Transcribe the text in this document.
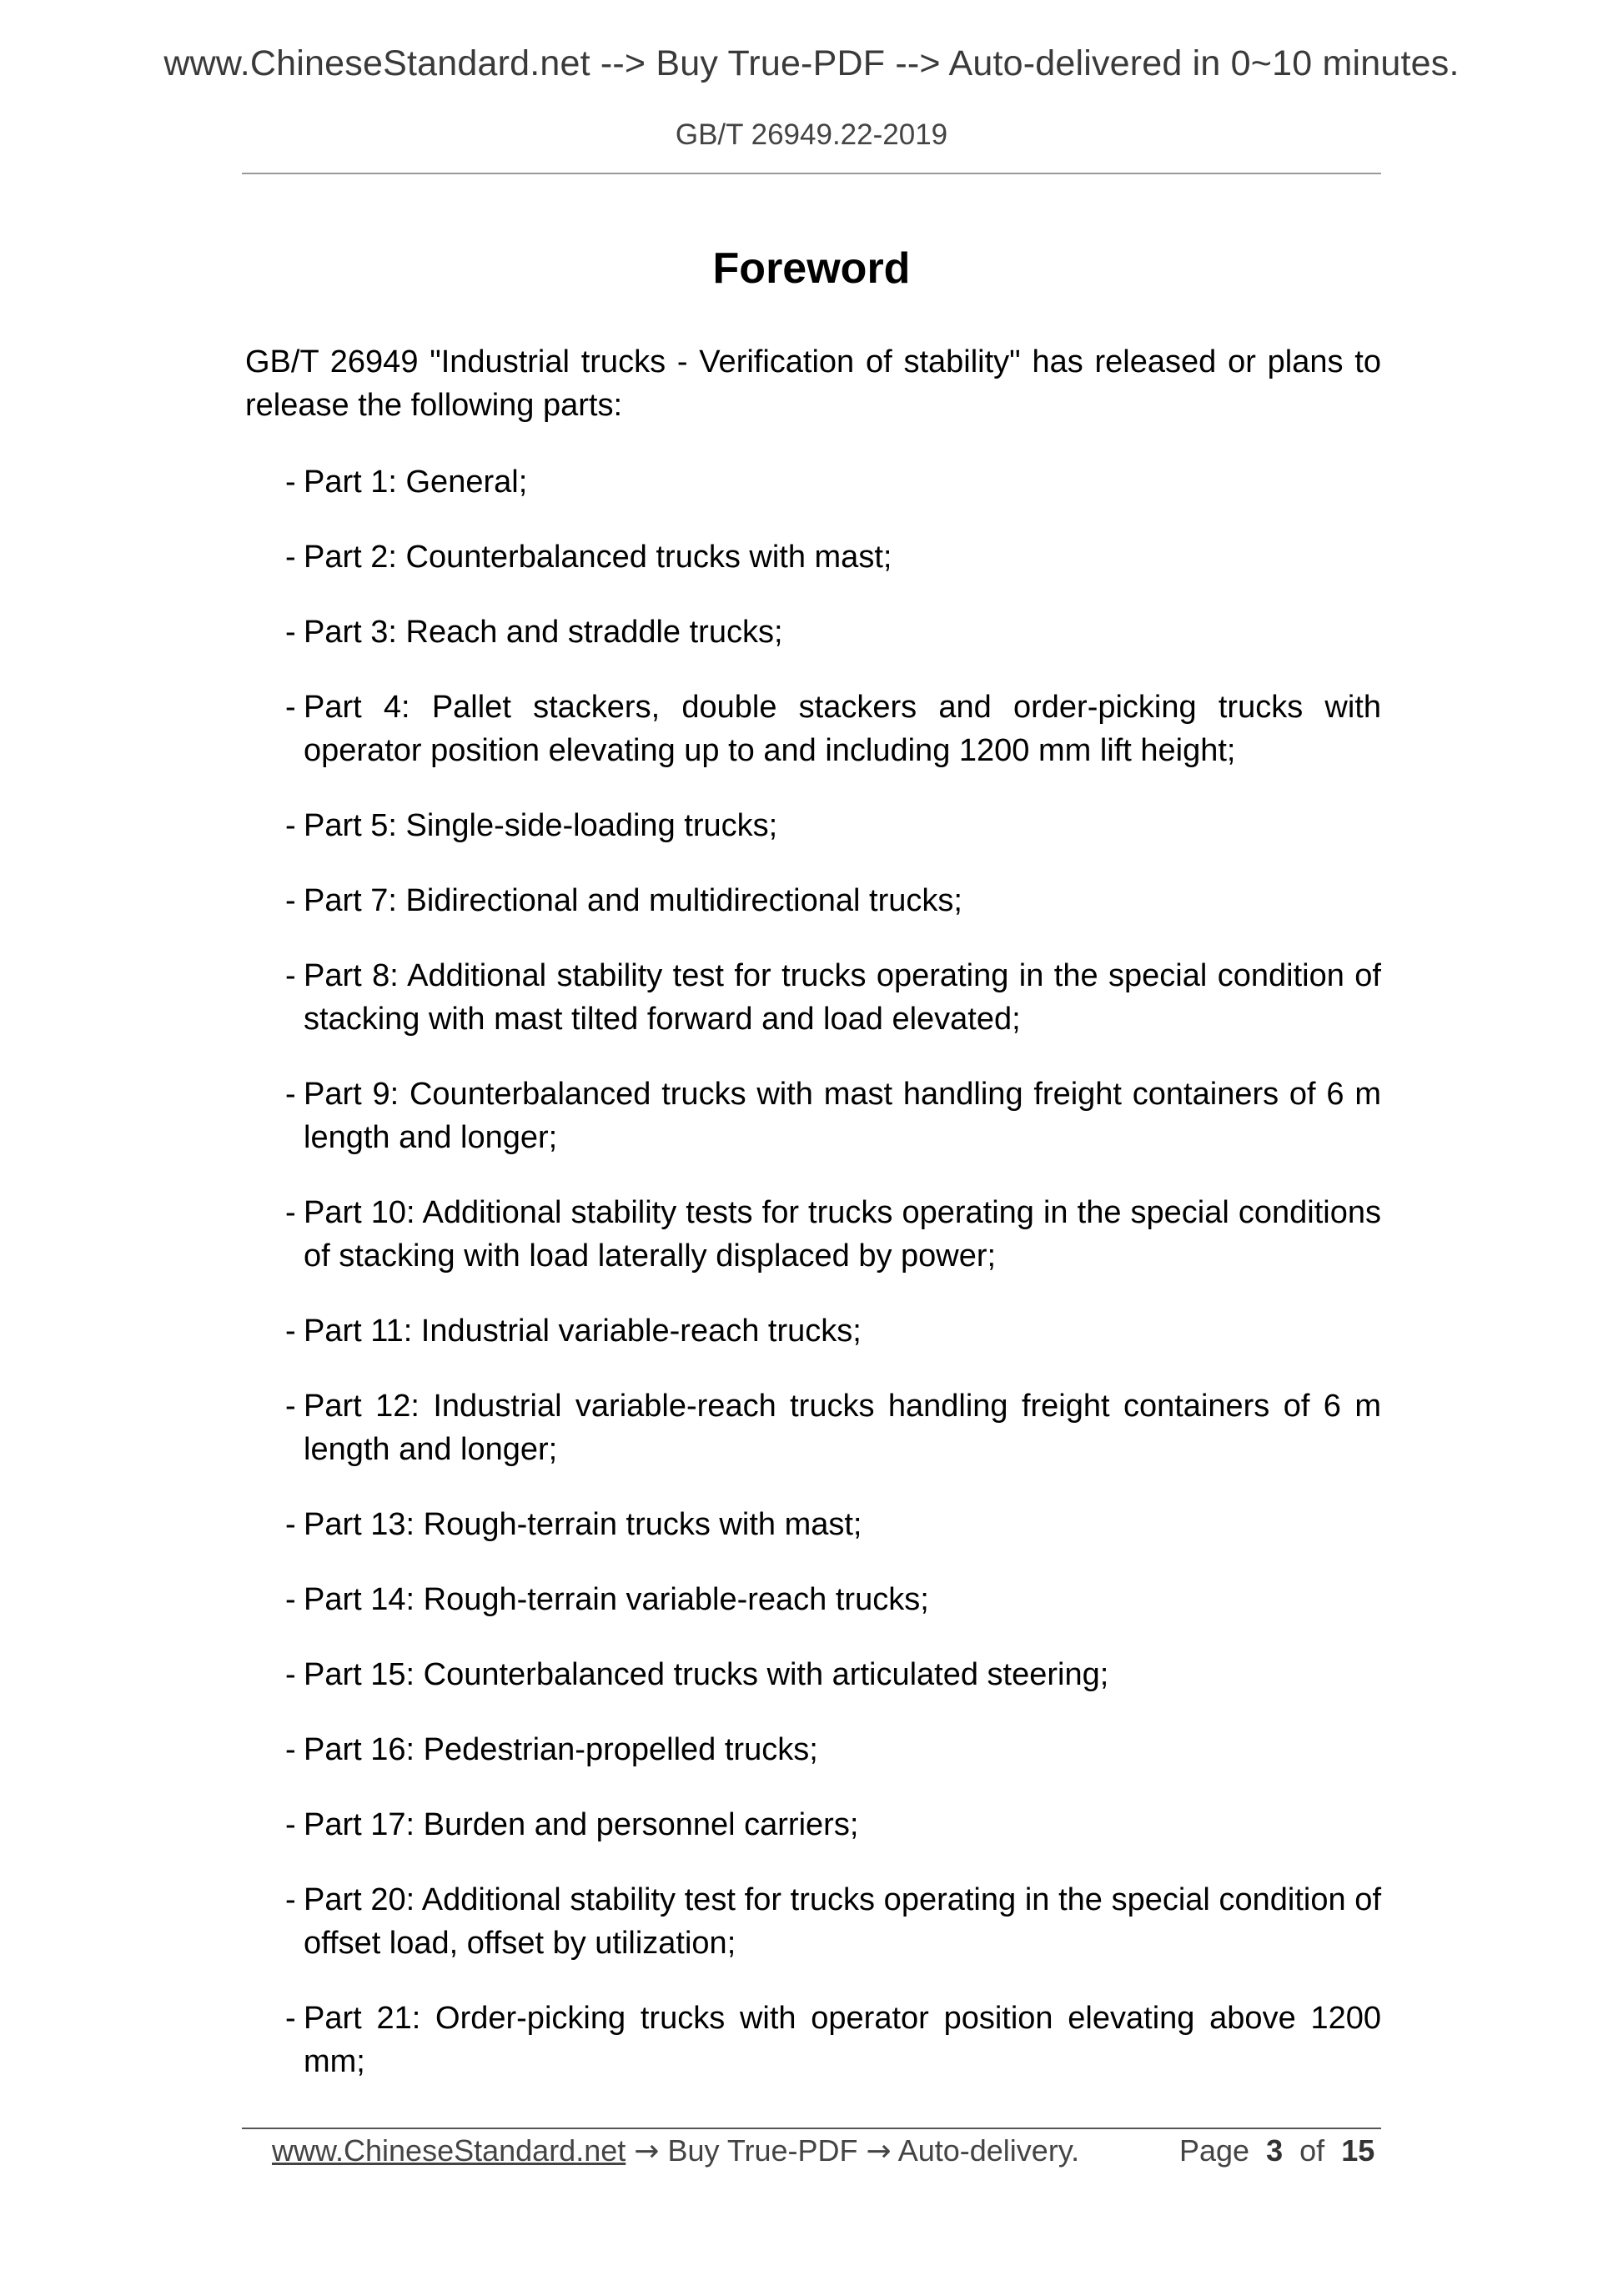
www.ChineseStandard.net --> Buy True-PDF --> Auto-delivered in 0~10 minutes.
GB/T 26949.22-2019
Foreword

GB/T 26949 "Industrial trucks - Verification of stability" has released or plans to release the following parts:

- Part 1: General;
- Part 2: Counterbalanced trucks with mast;
- Part 3: Reach and straddle trucks;
- Part 4: Pallet stackers, double stackers and order-picking trucks with operator position elevating up to and including 1200 mm lift height;
- Part 5: Single-side-loading trucks;
- Part 7: Bidirectional and multidirectional trucks;
- Part 8: Additional stability test for trucks operating in the special condition of stacking with mast tilted forward and load elevated;
- Part 9: Counterbalanced trucks with mast handling freight containers of 6 m length and longer;
- Part 10: Additional stability tests for trucks operating in the special conditions of stacking with load laterally displaced by power;
- Part 11: Industrial variable-reach trucks;
- Part 12: Industrial variable-reach trucks handling freight containers of 6 m length and longer;
- Part 13: Rough-terrain trucks with mast;
- Part 14: Rough-terrain variable-reach trucks;
- Part 15: Counterbalanced trucks with articulated steering;
- Part 16: Pedestrian-propelled trucks;
- Part 17: Burden and personnel carriers;
- Part 20: Additional stability test for trucks operating in the special condition of offset load, offset by utilization;
- Part 21: Order-picking trucks with operator position elevating above 1200 mm;
www.ChineseStandard.net → Buy True-PDF → Auto-delivery.	Page 3 of 15
